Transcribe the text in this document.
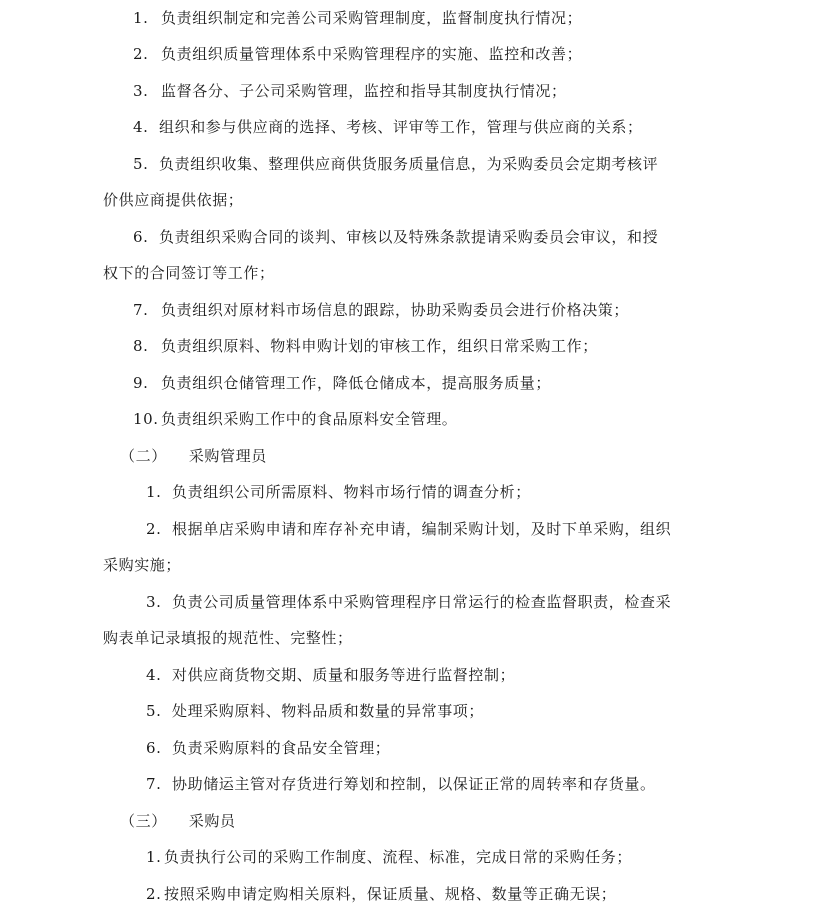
1. 负责组织制定和完善公司采购管理制度，监督制度执行情况；
2. 负责组织质量管理体系中采购管理程序的实施、监控和改善；
3. 监督各分、子公司采购管理，监控和指导其制度执行情况；
4. 组织和参与供应商的选择、考核、评审等工作，管理与供应商的关系；
5. 负责组织收集、整理供应商供货服务质量信息，为采购委员会定期考核评
价供应商提供依据；
6. 负责组织采购合同的谈判、审核以及特殊条款提请采购委员会审议，和授
权下的合同签订等工作；
7. 负责组织对原材料市场信息的跟踪，协助采购委员会进行价格决策；
8. 负责组织原料、物料申购计划的审核工作，组织日常采购工作；
9. 负责组织仓储管理工作，降低仓储成本，提高服务质量；
10. 负责组织采购工作中的食品原料安全管理。
（二） 采购管理员
1. 负责组织公司所需原料、物料市场行情的调查分析；
2. 根据单店采购申请和库存补充申请，编制采购计划，及时下单采购，组织
采购实施；
3. 负责公司质量管理体系中采购管理程序日常运行的检查监督职责，检查采
购表单记录填报的规范性、完整性；
4. 对供应商货物交期、质量和服务等进行监督控制；
5. 处理采购原料、物料品质和数量的异常事项；
6. 负责采购原料的食品安全管理；
7. 协助储运主管对存货进行筹划和控制，以保证正常的周转率和存货量。
（三） 采购员
1. 负责执行公司的采购工作制度、流程、标准，完成日常的采购任务；
2. 按照采购申请定购相关原料，保证质量、规格、数量等正确无误；
